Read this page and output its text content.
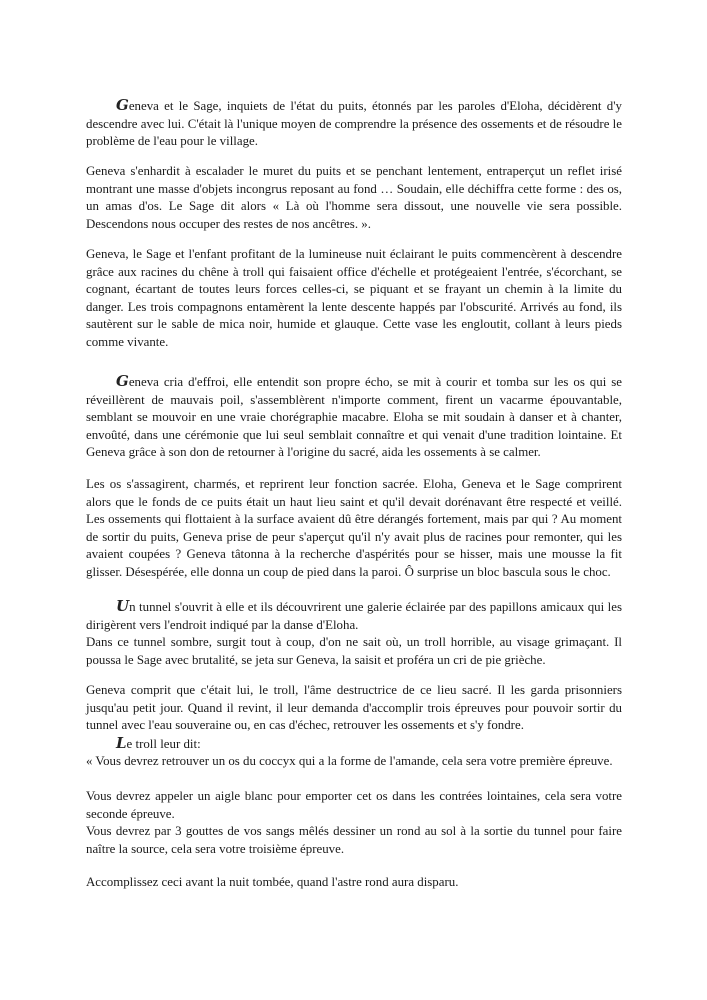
Geneva et le Sage, inquiets de l'état du puits, étonnés par les paroles d'Eloha, décidèrent d'y descendre avec lui. C'était là l'unique moyen de comprendre la présence des ossements et de résoudre le problème de l'eau pour le village.

Geneva s'enhardit à escalader le muret du puits et se penchant lentement, entraperçut un reflet irisé montrant une masse d'objets incongrus reposant au fond … Soudain, elle déchiffra cette forme : des os, un amas d'os. Le Sage dit alors « Là où l'homme sera dissout, une nouvelle vie sera possible. Descendons nous occuper des restes de nos ancêtres. ».

Geneva, le Sage et l'enfant profitant de la lumineuse nuit éclairant le puits commencèrent à descendre grâce aux racines du chêne à troll qui faisaient office d'échelle et protégeaient l'entrée, s'écorchant, se cognant, écartant de toutes leurs forces celles-ci, se piquant et se frayant un chemin à la limite du danger. Les trois compagnons entamèrent la lente descente happés par l'obscurité. Arrivés au fond, ils sautèrent sur le sable de mica noir, humide et glauque. Cette vase les engloutit, collant à leurs pieds comme vivante.

Geneva cria d'effroi, elle entendit son propre écho, se mit à courir et tomba sur les os qui se réveillèrent de mauvais poil, s'assemblèrent n'importe comment, firent un vacarme épouvantable, semblant se mouvoir en une vraie chorégraphie macabre. Eloha se mit soudain à danser et à chanter, envoûté, dans une cérémonie que lui seul semblait connaître et qui venait d'une tradition lointaine. Et Geneva grâce à son don de retourner à l'origine du sacré, aida les ossements à se calmer.

Les os s'assagirent, charmés, et reprirent leur fonction sacrée. Eloha, Geneva et le Sage comprirent alors que le fonds de ce puits était un haut lieu saint et qu'il devait dorénavant être respecté et veillé. Les ossements qui flottaient à la surface avaient dû être dérangés fortement, mais par qui ? Au moment de sortir du puits, Geneva prise de peur s'aperçut qu'il n'y avait plus de racines pour remonter, qui les avaient coupées ? Geneva tâtonna à la recherche d'aspérités pour se hisser, mais une mousse la fit glisser. Désespérée, elle donna un coup de pied dans la paroi. Ô surprise un bloc bascula sous le choc.

Un tunnel s'ouvrit à elle et ils découvrirent une galerie éclairée par des papillons amicaux qui les dirigèrent vers l'endroit indiqué par la danse d'Eloha.
Dans ce tunnel sombre, surgit tout à coup, d'on ne sait où, un troll horrible, au visage grimaçant. Il poussa le Sage avec brutalité, se jeta sur Geneva, la saisit et proféra un cri de pie grièche.

Geneva comprit que c'était lui, le troll, l'âme destructrice de ce lieu sacré. Il les garda prisonniers jusqu'au petit jour. Quand il revint, il leur demanda d'accomplir trois épreuves pour pouvoir sortir du tunnel avec l'eau souveraine ou, en cas d'échec, retrouver les ossements et s'y fondre.

Le troll leur dit:

« Vous devrez retrouver un os du coccyx qui a la forme de l'amande, cela sera votre première épreuve.

Vous devrez appeler un aigle blanc pour emporter cet os dans les contrées lointaines, cela sera votre seconde épreuve.

Vous devrez par 3 gouttes de vos sangs mêlés dessiner un rond au sol à la sortie du tunnel pour faire naître la source, cela sera votre troisième épreuve.

Accomplissez ceci avant la nuit tombée, quand l'astre rond aura disparu.
